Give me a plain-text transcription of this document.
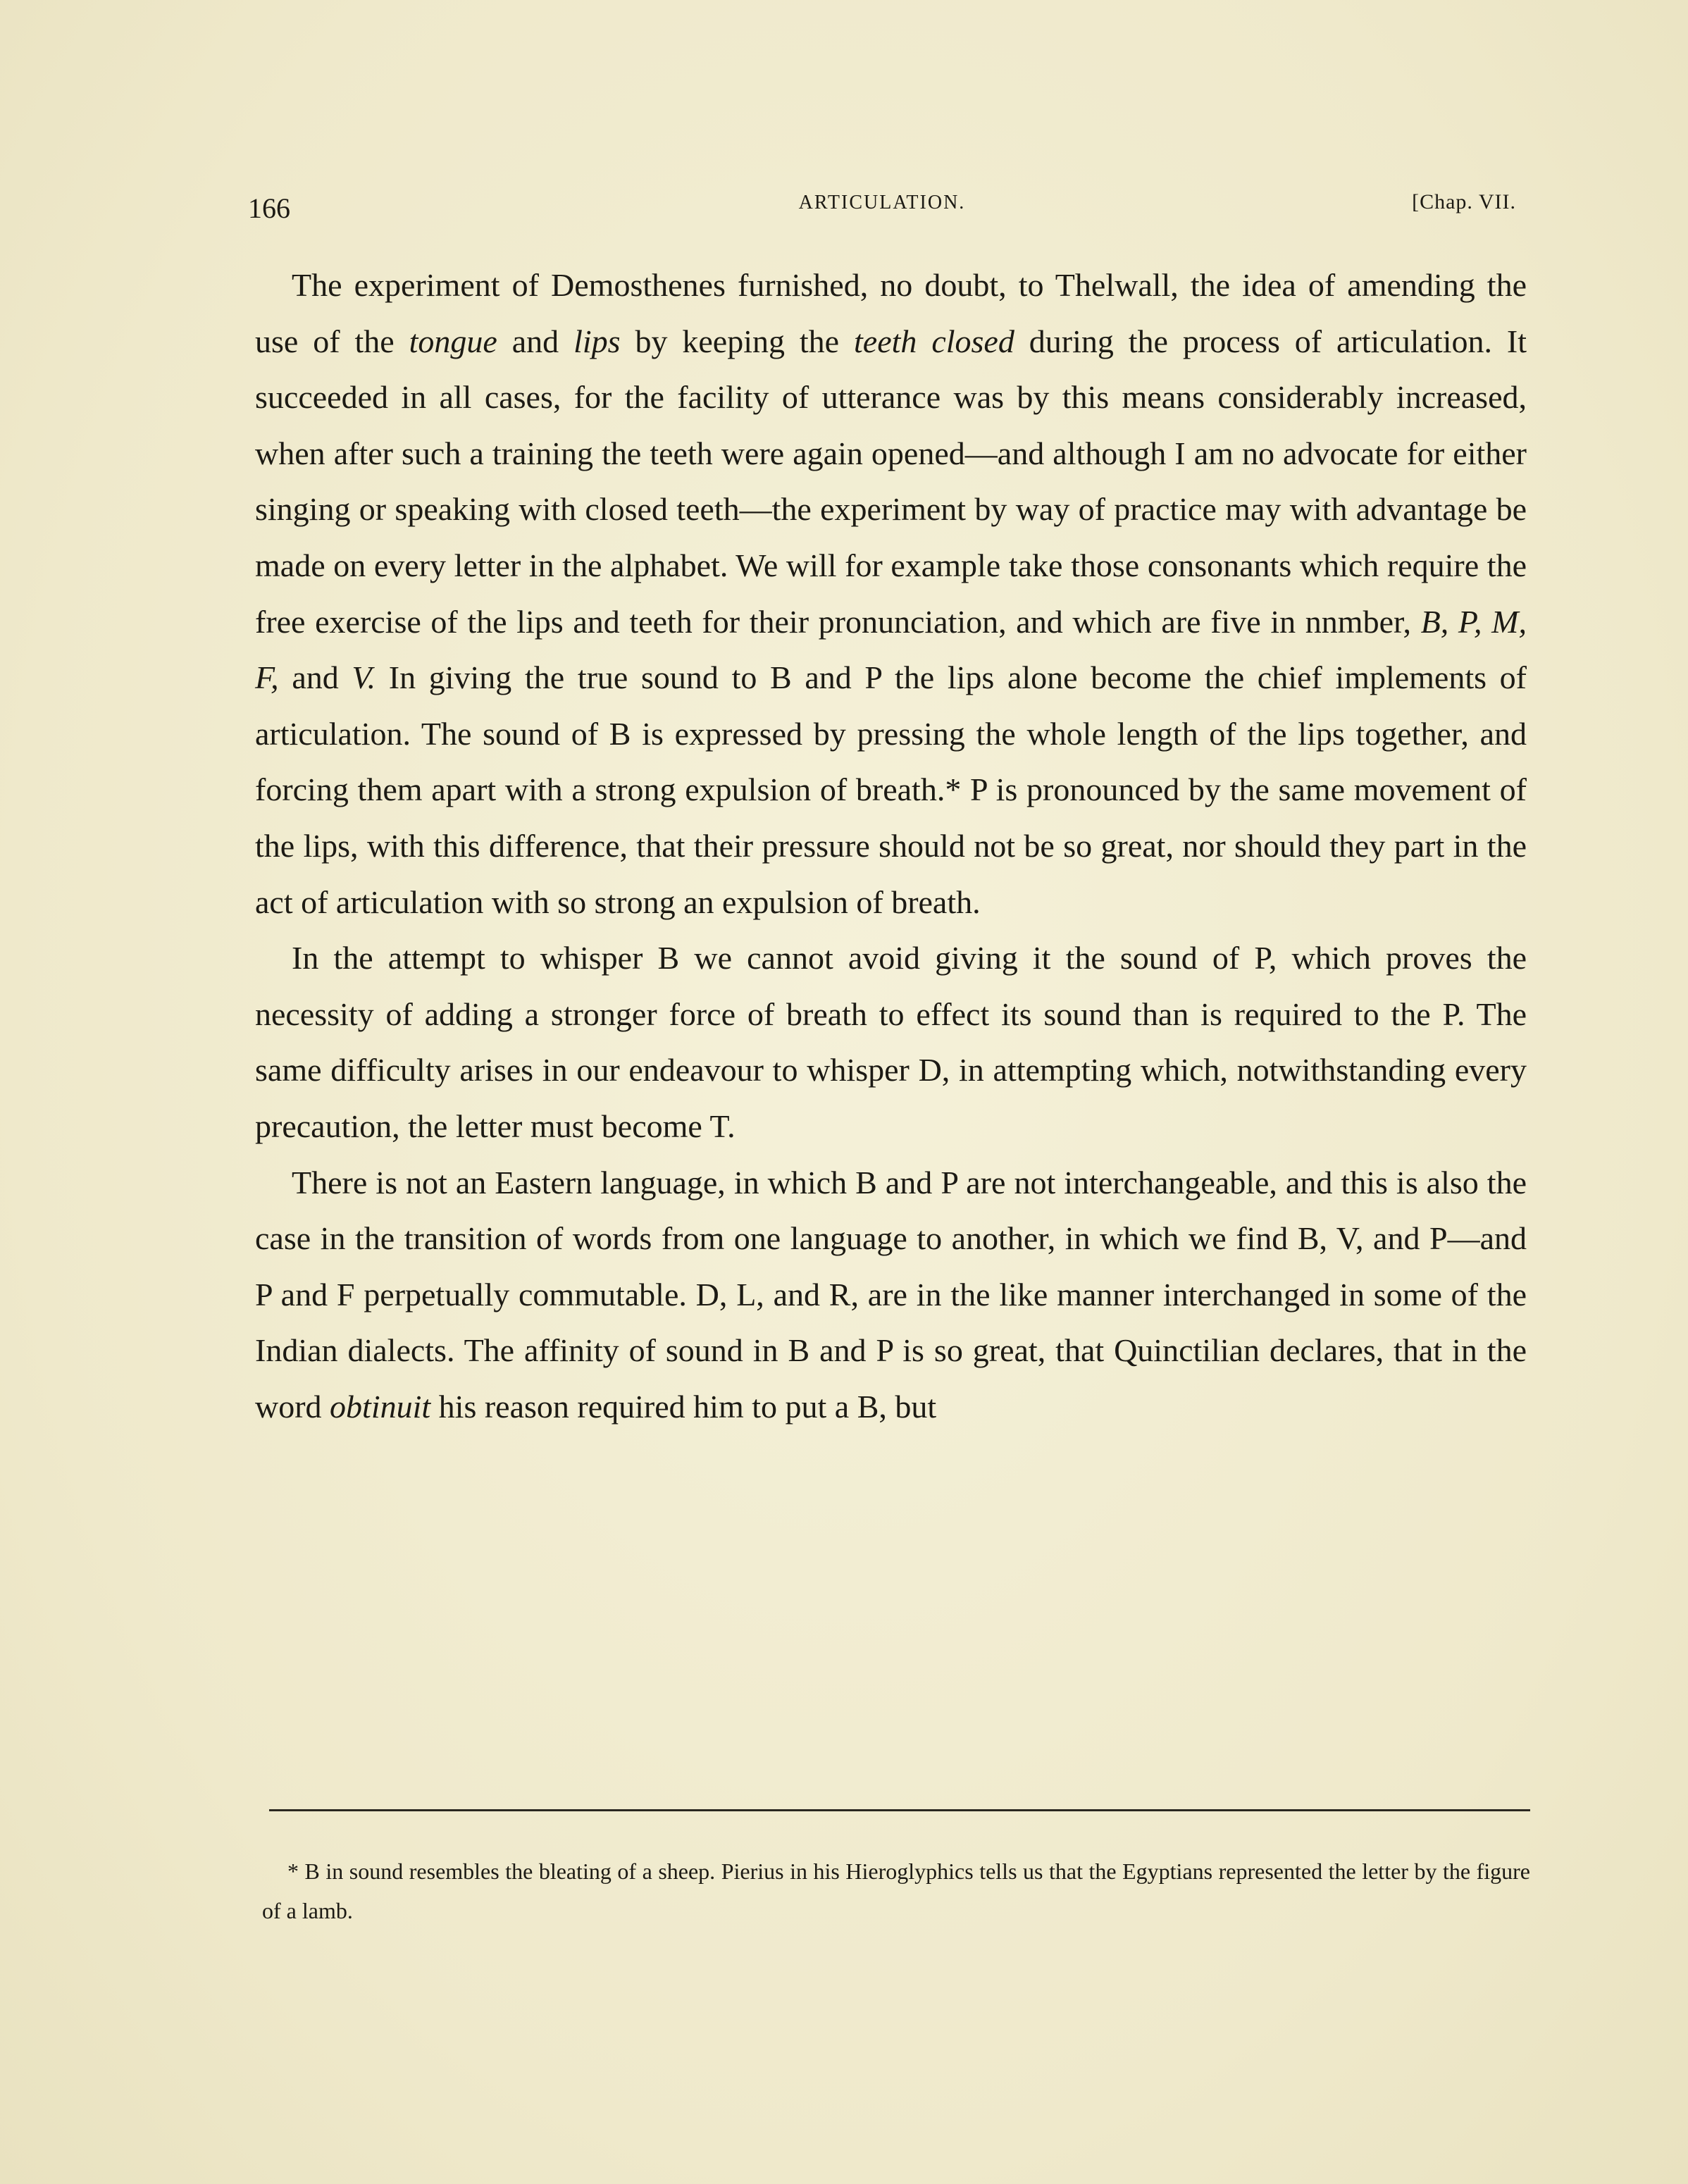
166	ARTICULATION.	[Chap. VII.

The experiment of Demosthenes furnished, no doubt, to Thelwall, the idea of amending the use of the tongue and lips by keeping the teeth closed during the process of articulation. It succeeded in all cases, for the facility of utterance was by this means considerably increased, when after such a training the teeth were again opened—and although I am no advocate for either singing or speaking with closed teeth—the experiment by way of practice may with advantage be made on every letter in the alphabet. We will for example take those consonants which require the free exercise of the lips and teeth for their pronunciation, and which are five in nnmber, B, P, M, F, and V. In giving the true sound to B and P the lips alone become the chief implements of articulation. The sound of B is expressed by pressing the whole length of the lips together, and forcing them apart with a strong expulsion of breath.* P is pronounced by the same movement of the lips, with this difference, that their pressure should not be so great, nor should they part in the act of articulation with so strong an expulsion of breath.

In the attempt to whisper B we cannot avoid giving it the sound of P, which proves the necessity of adding a stronger force of breath to effect its sound than is required to the P. The same difficulty arises in our endeavour to whisper D, in attempting which, notwithstanding every precaution, the letter must become T.

There is not an Eastern language, in which B and P are not interchangeable, and this is also the case in the transition of words from one language to another, in which we find B, V, and P—and P and F perpetually commutable. D, L, and R, are in the like manner interchanged in some of the Indian dialects. The affinity of sound in B and P is so great, that Quinctilian declares, that in the word obtinuit his reason required him to put a B, but

* B in sound resembles the bleating of a sheep. Pierius in his Hieroglyphics tells us that the Egyptians represented the letter by the figure of a lamb.
